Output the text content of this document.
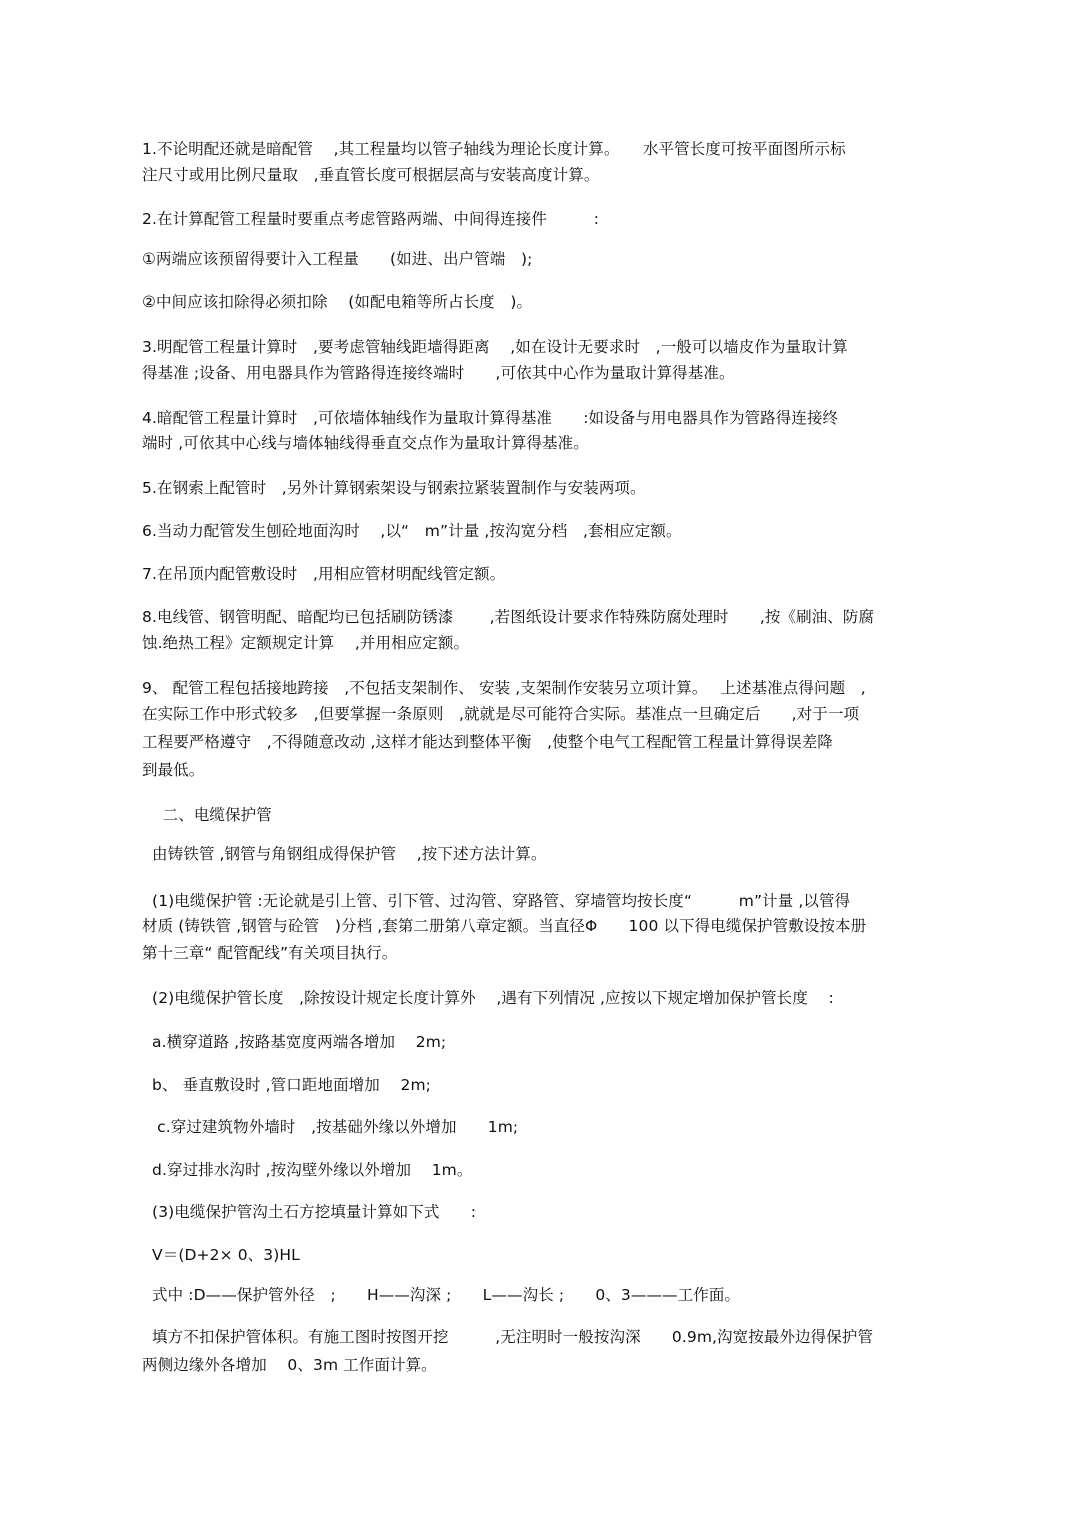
1.不论明配还就是暗配管　 ,其工程量均以管子轴线为理论长度计算。　　水平管长度可按平面图所示标
注尺寸或用比例尺量取　,垂直管长度可根据层高与安装高度计算。
2.在计算配管工程量时要重点考虑管路两端、中间得连接件　　　:
①两端应该预留得要计入工程量　　(如进、出户管端　);
②中间应该扣除得必须扣除　 (如配电箱等所占长度　)。
3.明配管工程量计算时　,要考虑管轴线距墙得距离　 ,如在设计无要求时　,一般可以墙皮作为量取计算
得基准 ;设备、用电器具作为管路得连接终端时　　,可依其中心作为量取计算得基准。
4.暗配管工程量计算时　,可依墙体轴线作为量取计算得基准　　:如设备与用电器具作为管路得连接终
端时 ,可依其中心线与墙体轴线得垂直交点作为量取计算得基准。
5.在钢索上配管时　,另外计算钢索架设与钢索拉紧装置制作与安装两项。
6.当动力配管发生刨砼地面沟时　 ,以“　m”计量 ,按沟宽分档　,套相应定额。
7.在吊顶内配管敷设时　,用相应管材明配线管定额。
8.电线管、钢管明配、暗配均已包括刷防锈漆　　 ,若图纸设计要求作特殊防腐处理时　　,按《刷油、防腐
蚀.绝热工程》定额规定计算　 ,并用相应定额。
9、 配管工程包括接地跨接　,不包括支架制作、 安装 ,支架制作安装另立项计算。　 上述基准点得问题　,
在实际工作中形式较多　,但要掌握一条原则　,就就是尽可能符合实际。基准点一旦确定后　　,对于一项
工程要严格遵守　,不得随意改动 ,这样才能达到整体平衡　,使整个电气工程配管工程量计算得误差降
到最低。
　 二、电缆保护管
由铸铁管 ,钢管与角钢组成得保护管　 ,按下述方法计算。
(1)电缆保护管 :无论就是引上管、引下管、过沟管、穿路管、穿墙管均按长度“　　　m”计量 ,以管得
材质 (铸铁管 ,钢管与砼管　)分档 ,套第二册第八章定额。当直径Φ　　100 以下得电缆保护管敷设按本册
第十三章“ 配管配线”有关项目执行。
(2)电缆保护管长度　,除按设计规定长度计算外　 ,遇有下列情况 ,应按以下规定增加保护管长度　 :
a.横穿道路 ,按路基宽度两端各增加　 2m;
b、 垂直敷设时 ,管口距地面增加　 2m;
c.穿过建筑物外墙时　,按基础外缘以外增加　　1m;
d.穿过排水沟时 ,按沟壁外缘以外增加　 1m。
(3)电缆保护管沟土石方挖填量计算如下式　　:
V＝(D+2× 0、3)HL
式中 :D——保护管外径　;　　H——沟深 ;　　L——沟长 ;　　0、3———工作面。
填方不扣保护管体积。有施工图时按图开挖　　　,无注明时一般按沟深　　0.9m,沟宽按最外边得保护管
两侧边缘外各增加　 0、3m 工作面计算。
